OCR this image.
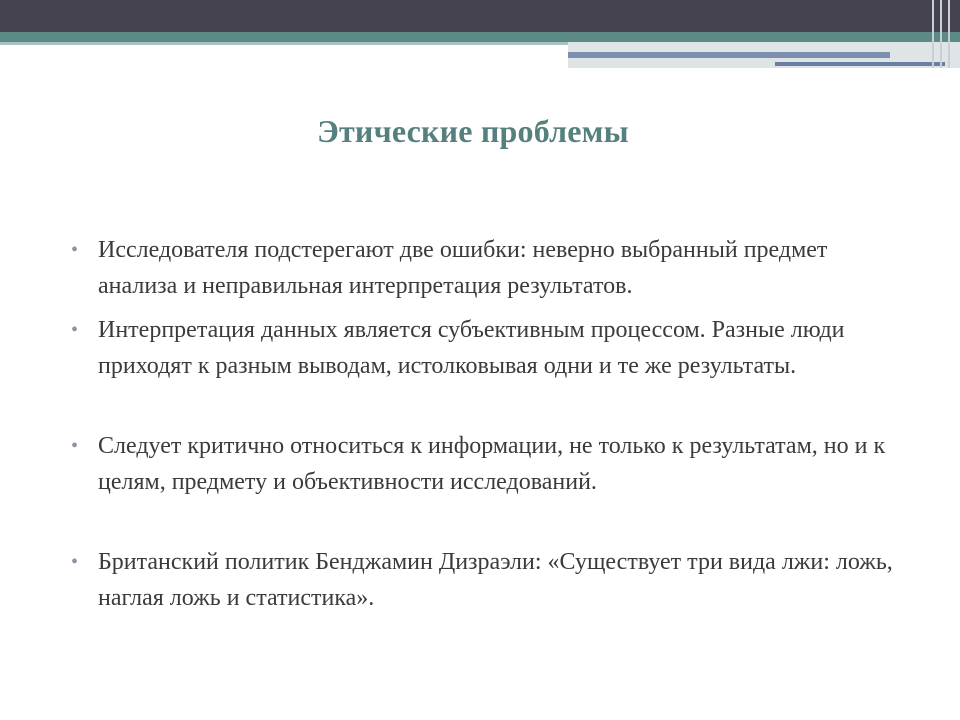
Этические проблемы
• Исследователя подстерегают две ошибки: неверно выбранный предмет анализа и неправильная интерпретация результатов.
• Интерпретация данных является субъективным процессом. Разные люди приходят к разным выводам, истолковывая одни и те же результаты.
• Следует критично относиться к информации, не только к результатам, но и к целям, предмету и объективности исследований.
• Британский политик Бенджамин Дизраэли: «Существует три вида лжи: ложь, наглая ложь и статистика».
